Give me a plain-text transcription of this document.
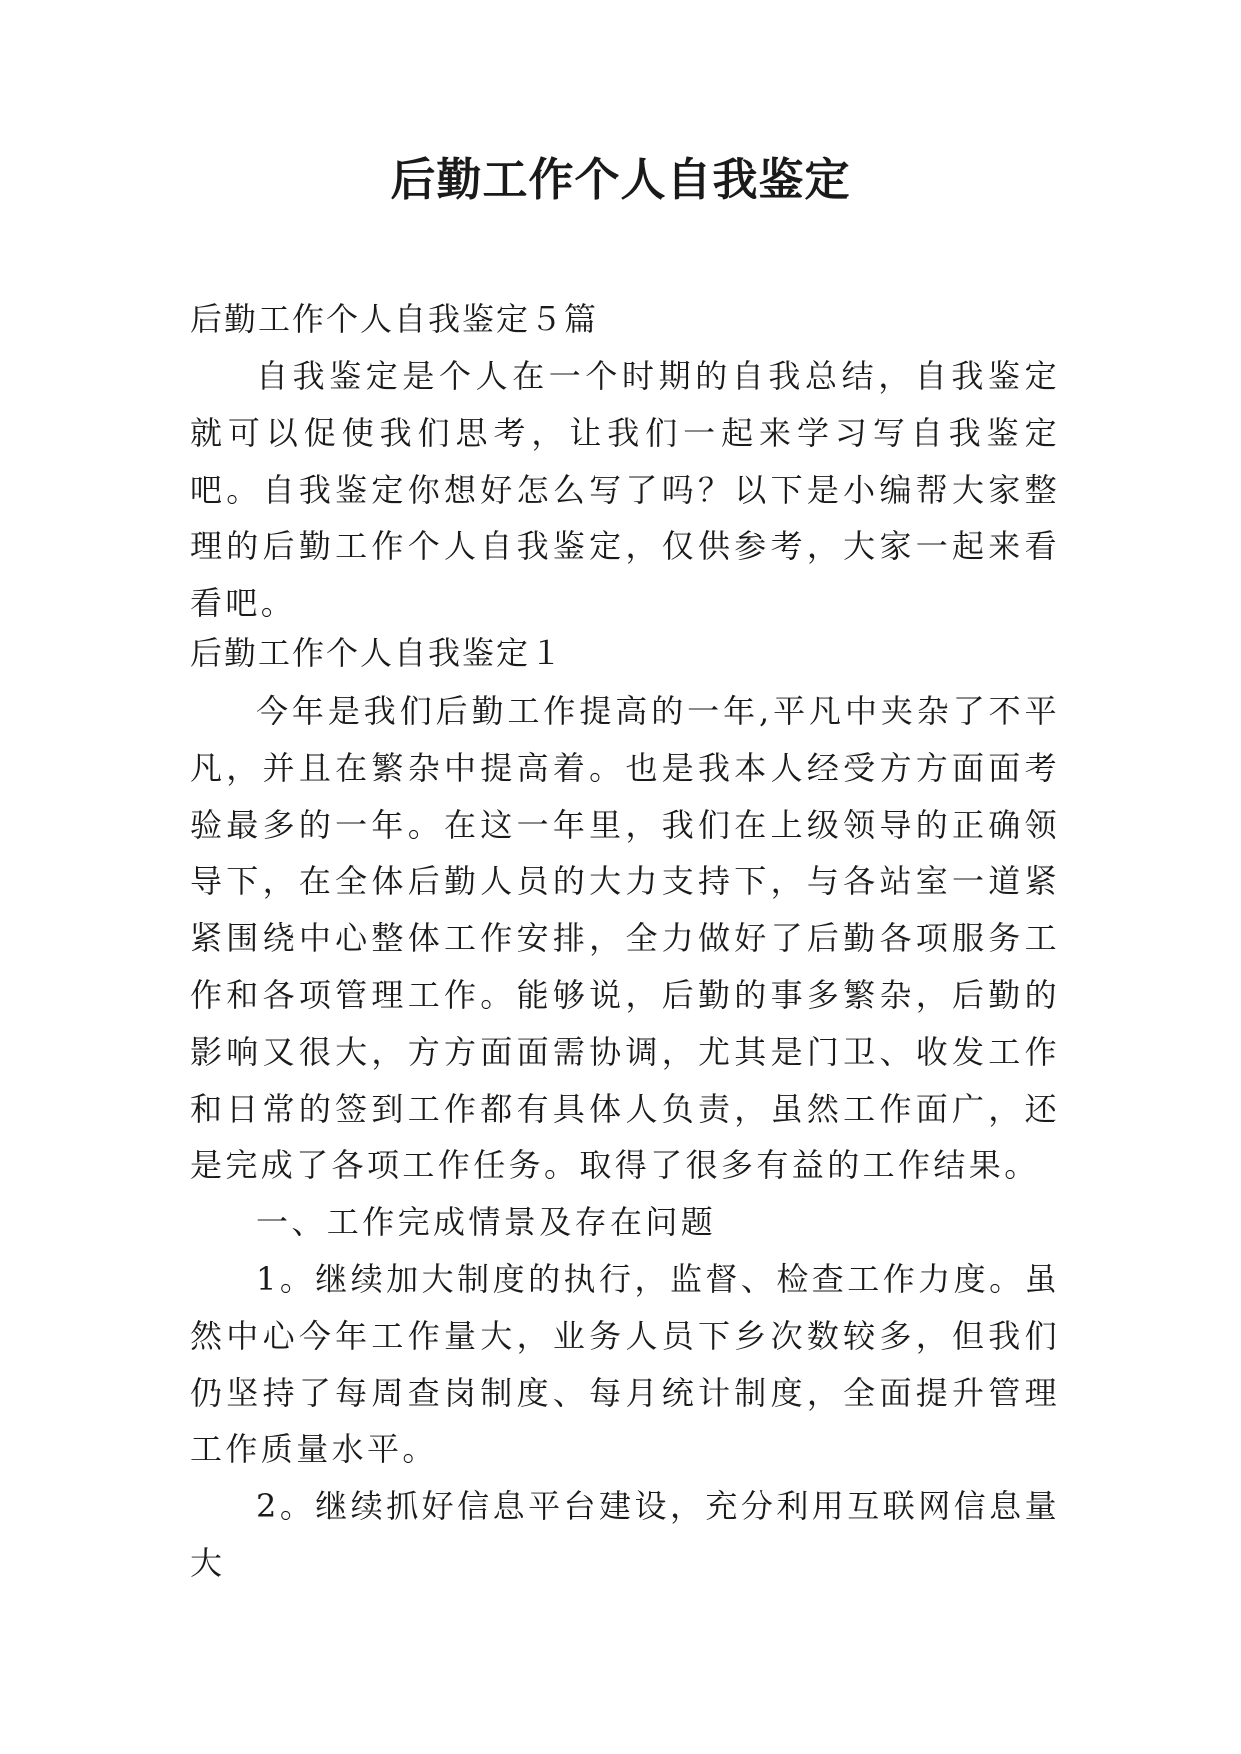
后勤工作个人自我鉴定

后勤工作个人自我鉴定５篇

自我鉴定是个人在一个时期的自我总结，自我鉴定就可以促使我们思考，让我们一起来学习写自我鉴定吧。自我鉴定你想好怎么写了吗？以下是小编帮大家整理的后勤工作个人自我鉴定，仅供参考，大家一起来看看吧。

后勤工作个人自我鉴定１

今年是我们后勤工作提高的一年,平凡中夹杂了不平凡，并且在繁杂中提高着。也是我本人经受方方面面考验最多的一年。在这一年里，我们在上级领导的正确领导下，在全体后勤人员的大力支持下，与各站室一道紧紧围绕中心整体工作安排，全力做好了后勤各项服务工作和各项管理工作。能够说，后勤的事多繁杂，后勤的影响又很大，方方面面需协调，尤其是门卫、收发工作和日常的签到工作都有具体人负责，虽然工作面广，还是完成了各项工作任务。取得了很多有益的工作结果。

一、工作完成情景及存在问题

1。继续加大制度的执行，监督、检查工作力度。虽然中心今年工作量大，业务人员下乡次数较多，但我们仍坚持了每周查岗制度、每月统计制度，全面提升管理工作质量水平。

2。继续抓好信息平台建设，充分利用互联网信息量大
